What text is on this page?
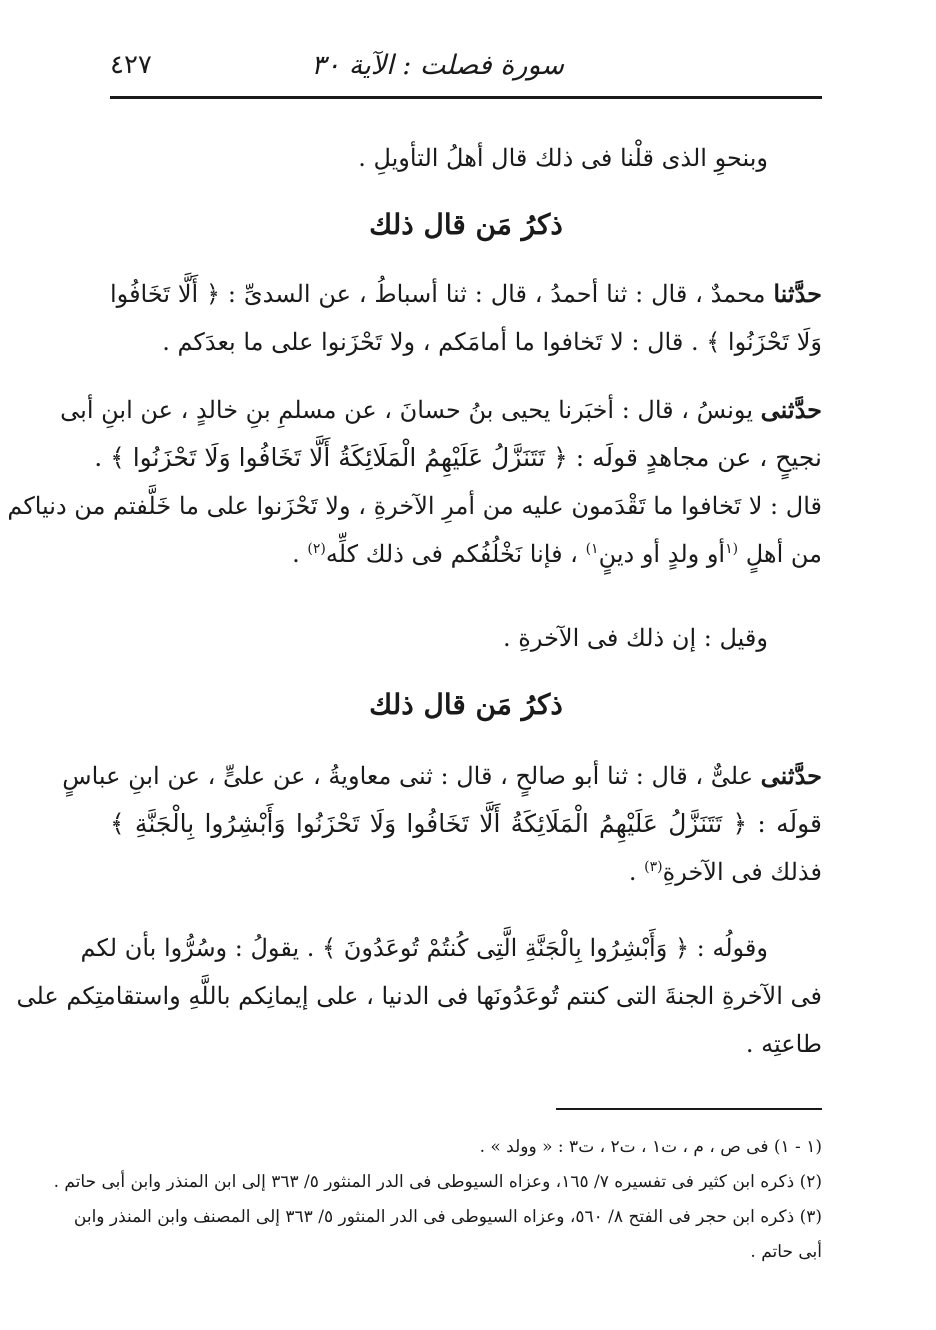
سورة فصلت : الآية ٣٠
٤٢٧
وبنحوِ الذى قلْنا فى ذلك قال أهلُ التأويلِ .
ذكرُ مَن قال ذلك
حدَّثنا محمدٌ ، قال : ثنا أحمدُ ، قال : ثنا أسباطُ ، عن السدىِّ : ﴿ أَلَّا تَخَافُوا
وَلَا تَحْزَنُوا ﴾ . قال : لا تَخافوا ما أمامَكم ، ولا تَحْزَنوا على ما بعدَكم .
حدَّثنى يونسُ ، قال : أخبَرنا يحيى بنُ حسانَ ، عن مسلمِ بنِ خالدٍ ، عن ابنِ أبى
نجيحٍ ، عن مجاهدٍ قولَه : ﴿ تَتَنَزَّلُ عَلَيْهِمُ الْمَلَائِكَةُ أَلَّا تَخَافُوا وَلَا تَحْزَنُوا ﴾ .
قال : لا تَخافوا ما تَقْدَمون عليه من أمرِ الآخرةِ ، ولا تَحْزَنوا على ما خَلَّفتم من دنياكم
من أهلٍ $^{(١}$أو ولدٍ أو دينٍ$^{١)}$ ، فإنا نَخْلُفُكم فى ذلك كلِّه$^{(٢)}$ .
وقيل : إن ذلك فى الآخرةِ .
ذكرُ مَن قال ذلك
حدَّثنى علىٌّ ، قال : ثنا أبو صالحٍ ، قال : ثنى معاويةُ ، عن علىٍّ ، عن ابنِ عباسٍ
قولَه : ﴿ تَتَنَزَّلُ عَلَيْهِمُ الْمَلَائِكَةُ أَلَّا تَخَافُوا وَلَا تَحْزَنُوا وَأَبْشِرُوا بِالْجَنَّةِ ﴾
فذلك فى الآخرةِ$^{(٣)}$ .
وقولُه : ﴿ وَأَبْشِرُوا بِالْجَنَّةِ الَّتِى كُنتُمْ تُوعَدُونَ ﴾ . يقولُ : وسُرُّوا بأن لكم
فى الآخرةِ الجنةَ التى كنتم تُوعَدُونَها فى الدنيا ، على إيمانِكم باللَّهِ واستقامتِكم على
طاعتِه .
(١ - ١) فى ص ، م ، ت١ ، ت٢ ، ت٣ : « وولد » .
(٢) ذكره ابن كثير فى تفسيره ٧/ ١٦٥، وعزاه السيوطى فى الدر المنثور ٥/ ٣٦٣ إلى ابن المنذر وابن أبى حاتم .
(٣) ذكره ابن حجر فى الفتح ٨/ ٥٦٠، وعزاه السيوطى فى الدر المنثور ٥/ ٣٦٣ إلى المصنف وابن المنذر وابن
أبى حاتم .
